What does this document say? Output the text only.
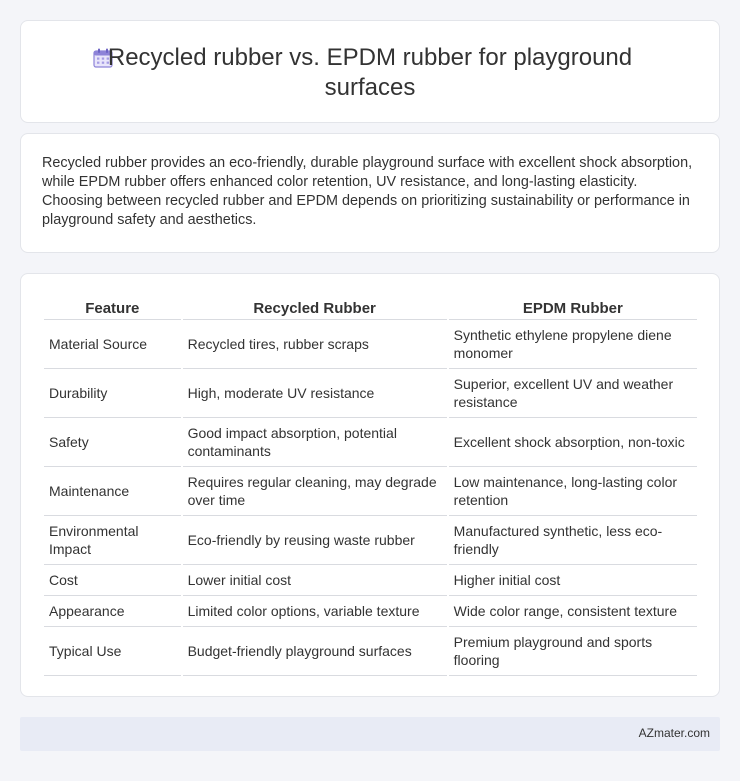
Recycled rubber vs. EPDM rubber for playground surfaces

Recycled rubber provides an eco-friendly, durable playground surface with excellent shock absorption, while EPDM rubber offers enhanced color retention, UV resistance, and long-lasting elasticity. Choosing between recycled rubber and EPDM depends on prioritizing sustainability or performance in playground safety and aesthetics.

Feature	Recycled Rubber	EPDM Rubber
Material Source	Recycled tires, rubber scraps	Synthetic ethylene propylene diene monomer
Durability	High, moderate UV resistance	Superior, excellent UV and weather resistance
Safety	Good impact absorption, potential contaminants	Excellent shock absorption, non-toxic
Maintenance	Requires regular cleaning, may degrade over time	Low maintenance, long-lasting color retention
Environmental Impact	Eco-friendly by reusing waste rubber	Manufactured synthetic, less eco-friendly
Cost	Lower initial cost	Higher initial cost
Appearance	Limited color options, variable texture	Wide color range, consistent texture
Typical Use	Budget-friendly playground surfaces	Premium playground and sports flooring
AZmater.com
